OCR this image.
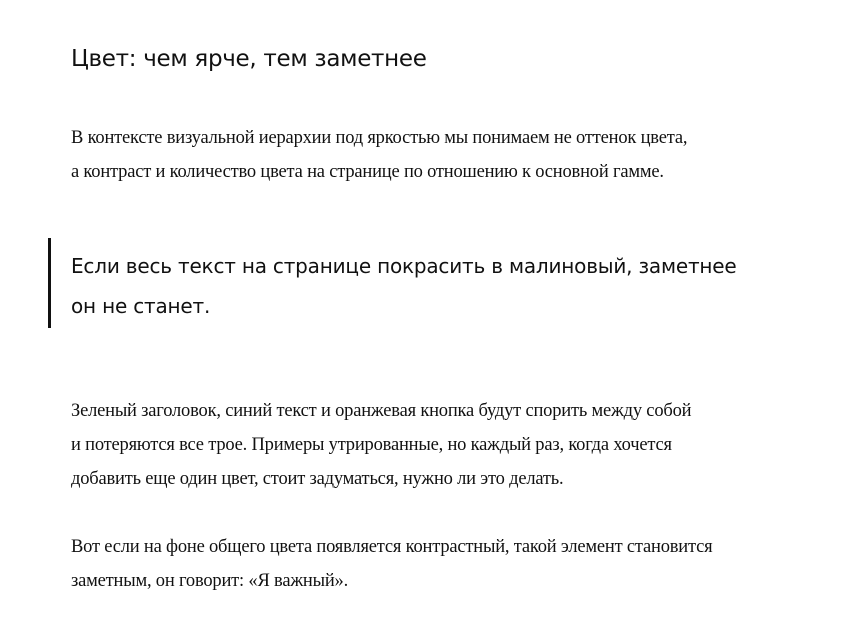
Цвет: чем ярче, тем заметнее

В контексте визуальной иерархии под яркостью мы понимаем не оттенок цвета,
а контраст и количество цвета на странице по отношению к основной гамме.

Если весь текст на странице покрасить в малиновый, заметнее
он не станет.

Зеленый заголовок, синий текст и оранжевая кнопка будут спорить между собой
и потеряются все трое. Примеры утрированные, но каждый раз, когда хочется
добавить еще один цвет, стоит задуматься, нужно ли это делать.

Вот если на фоне общего цвета появляется контрастный, такой элемент становится
заметным, он говорит: «Я важный».
